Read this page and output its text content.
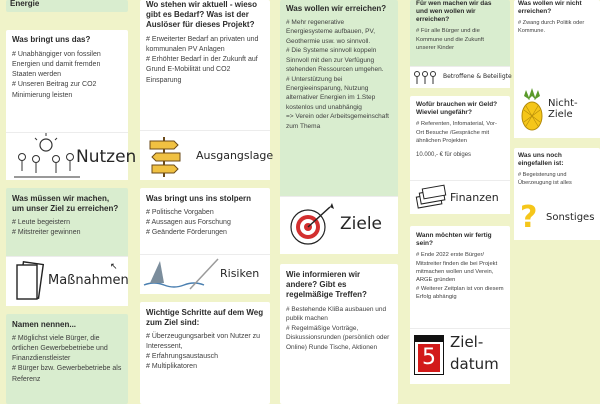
Energie
Was bringt uns das?
# Unabhängiger von fossilen Energien und damit fremden Staaten werden
# Unseren Beitrag zur CO2 Minimierung leisten
Nutzen
Was müssen wir machen, um unser Ziel zu erreichen?
# Leute begeistern
# Mitstreiter gewinnen
Maßnahmen
↖
Namen nennen...
# Möglichst viele Bürger, die örtlichen Gewerbebetriebe und Finanzdienstleister
# Bürger bzw. Gewerbebetriebe als Referenz
Wo stehen wir aktuell - wieso gibt es Bedarf? Was ist der Auslöser für dieses Projekt?
# Erweiterter Bedarf an privaten und kommunalen PV Anlagen
# Erhöhter Bedarf in der Zukunft auf Grund E-Mobilität und CO2 Einsparung
Ausgangslage
Was bringt uns ins stolpern
# Politische Vorgaben
# Aussagen aus Forschung
# Geänderte Förderungen
Risiken
Wichtige Schritte auf dem Weg zum Ziel sind:
# Überzeugungsarbeit von Nutzer zu Interessent,
# Erfahrungsaustausch
# Multiplikatoren
Was wollen wir erreichen?
# Mehr regenerative Energiesysteme aufbauen, PV, Geothermie usw. wo sinnvoll.
# Die Systeme sinnvoll koppeln Sinnvoll mit den zur Verfügung stehenden Ressourcen umgehen.
# Unterstützung bei Energieeinsparung, Nutzung alternativer Energien im 1.Step kostenlos und unabhängig
=> Verein oder Arbeitsgemeinschaft zum Thema
Ziele
Wie informieren wir andere? Gibt es regelmäßige Treffen?
# Bestehende KliBa ausbauen und publik machen
# Regelmäßige Vorträge, Diskussionsrunden (persönlich oder Online) Runde Tische, Aktionen
Für wen machen wir das und wen wollen wir erreichen?
# Für alle Bürger und die Kommune und die Zukunft unserer Kinder
Betroffene & Beteiligte
Wofür brauchen wir Geld? Wieviel ungefähr?
# Referenten, Infomaterial, Vor-Ort Besuche /Gespräche mit ähnlichen Projekten
10.000,- € für obiges
Finanzen
Wann möchten wir fertig sein?
# Ende 2022 erste Bürger/ Mitstreiter finden die bei Projekt mitmachen wollen und Verein, ARGE gründen
# Weiterer Zeitplan ist von diesem Erfolg abhängig
5
Ziel-
datum
Was wollen wir nicht erreichen?
# Zwang durch Politik oder Kommune.
Nicht-Ziele
Was uns noch eingefallen ist:
# Begeisterung und Überzeugung ist alles
? Sonstiges
